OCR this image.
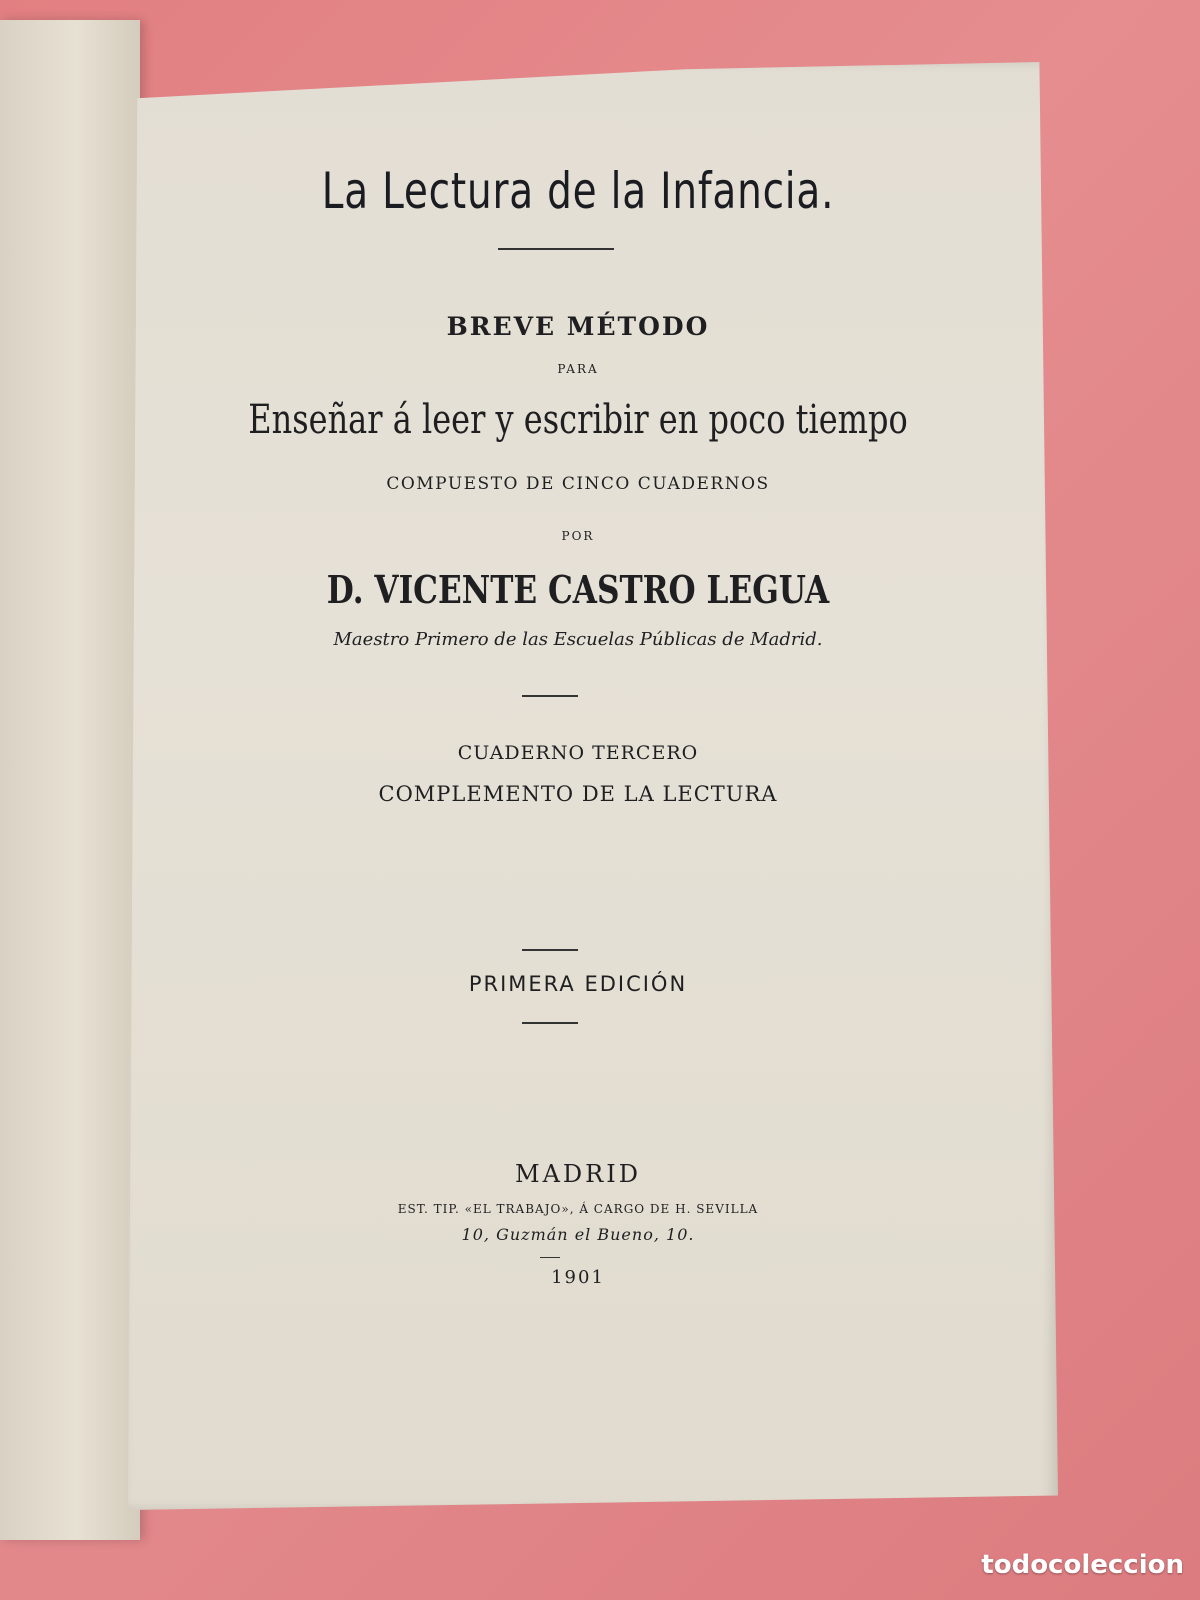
La Lectura de la Infancia.
BREVE MÉTODO
PARA
Enseñar á leer y escribir en poco tiempo
COMPUESTO DE CINCO CUADERNOS
POR
D. VICENTE CASTRO LEGUA
Maestro Primero de las Escuelas Públicas de Madrid.
CUADERNO TERCERO
COMPLEMENTO DE LA LECTURA
PRIMERA EDICIÓN
MADRID
EST. TIP. «EL TRABAJO», Á CARGO DE H. SEVILLA
10, Guzmán el Bueno, 10.
1901
todocoleccion
